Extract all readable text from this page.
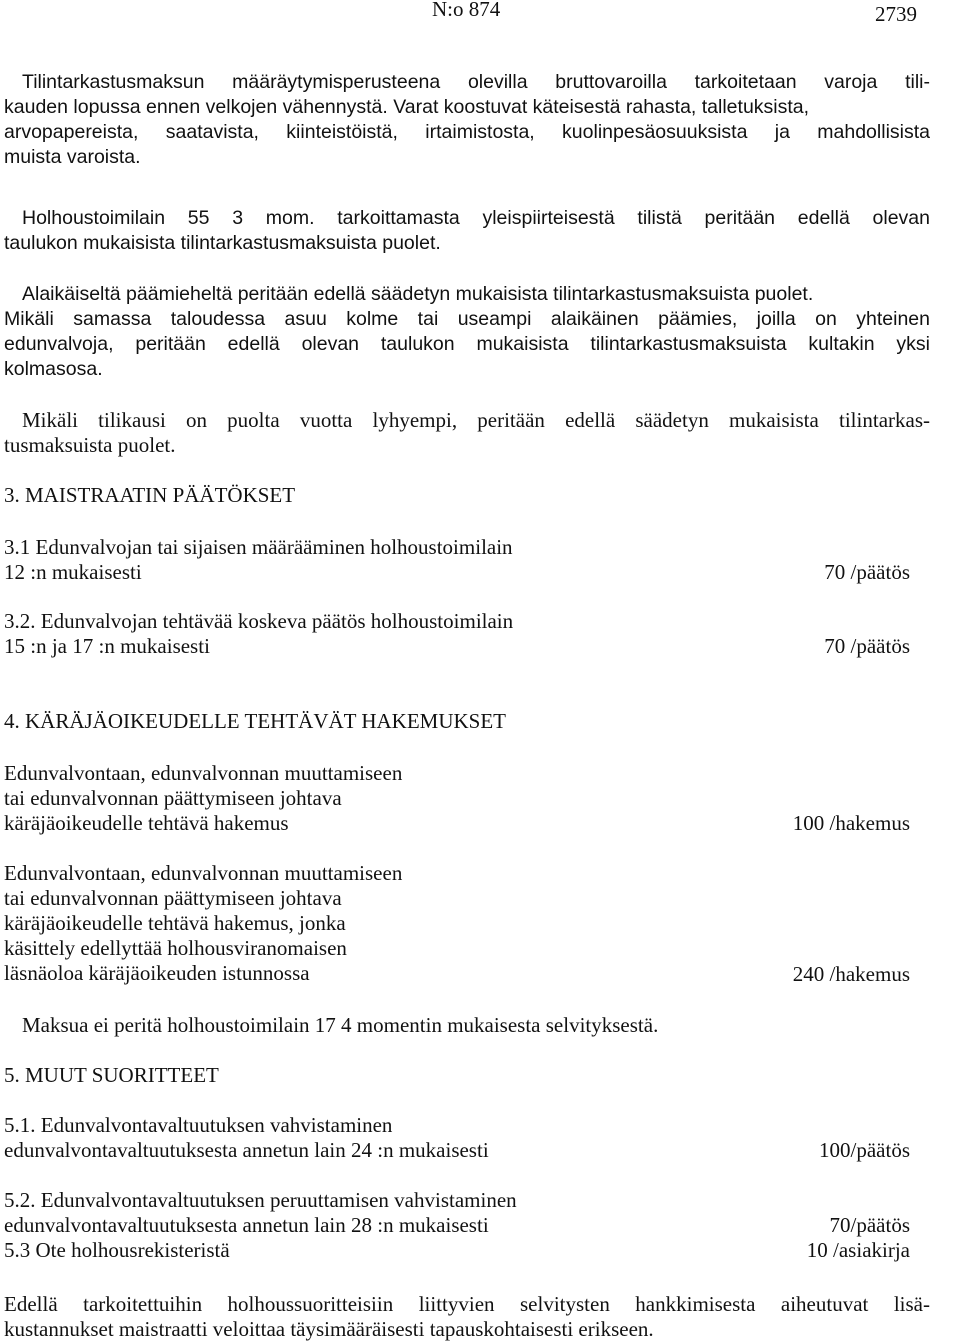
N:o 874	2739
Tilintarkastusmaksun määräytymisperusteena olevilla bruttovaroilla tarkoitetaan varoja tili-
kauden lopussa ennen velkojen vähennystä. Varat koostuvat käteisestä rahasta, talletuksista,
arvopapereista, saatavista, kiinteistöistä, irtaimistosta, kuolinpesäosuuksista ja mahdollisista
muista varoista.
Holhoustoimilain 55 3 mom. tarkoittamasta yleispiirteisestä tilistä peritään edellä olevan
taulukon mukaisista tilintarkastusmaksuista puolet.
Alaikäiseltä päämieheltä peritään edellä säädetyn mukaisista tilintarkastusmaksuista puolet.
Mikäli samassa taloudessa asuu kolme tai useampi alaikäinen päämies, joilla on yhteinen
edunvalvoja, peritään edellä olevan taulukon mukaisista tilintarkastusmaksuista kultakin yksi
kolmasosa.
Mikäli tilikausi on puolta vuotta lyhyempi, peritään edellä säädetyn mukaisista tilintarkas-
tusmaksuista puolet.
3. MAISTRAATIN PÄÄTÖKSET
3.1 Edunvalvojan tai sijaisen määrääminen holhoustoimilain
12 :n mukaisesti	70 /päätös
3.2. Edunvalvojan tehtävää koskeva päätös holhoustoimilain
15 :n ja 17 :n mukaisesti	70 /päätös
4. KÄRÄJÄOIKEUDELLE TEHTÄVÄT HAKEMUKSET
Edunvalvontaan, edunvalvonnan muuttamiseen
tai edunvalvonnan päättymiseen johtava
käräjäoikeudelle tehtävä hakemus	100 /hakemus
Edunvalvontaan, edunvalvonnan muuttamiseen
tai edunvalvonnan päättymiseen johtava
käräjäoikeudelle tehtävä hakemus, jonka
käsittely edellyttää holhousviranomaisen
läsnäoloa käräjäoikeuden istunnossa	240 /hakemus
Maksua ei peritä holhoustoimilain 17 4 momentin mukaisesta selvityksestä.
5. MUUT SUORITTEET
5.1. Edunvalvontavaltuutuksen vahvistaminen
edunvalvontavaltuutuksesta annetun lain 24 :n mukaisesti	100/päätös
5.2. Edunvalvontavaltuutuksen peruuttamisen vahvistaminen
edunvalvontavaltuutuksesta annetun lain 28 :n mukaisesti	70/päätös
5.3 Ote holhousrekisteristä	10 /asiakirja
Edellä tarkoitettuihin holhoussuoritteisiin liittyvien selvitysten hankkimisesta aiheutuvat lisä-
kustannukset maistraatti veloittaa täysimääräisesti tapauskohtaisesti erikseen.
